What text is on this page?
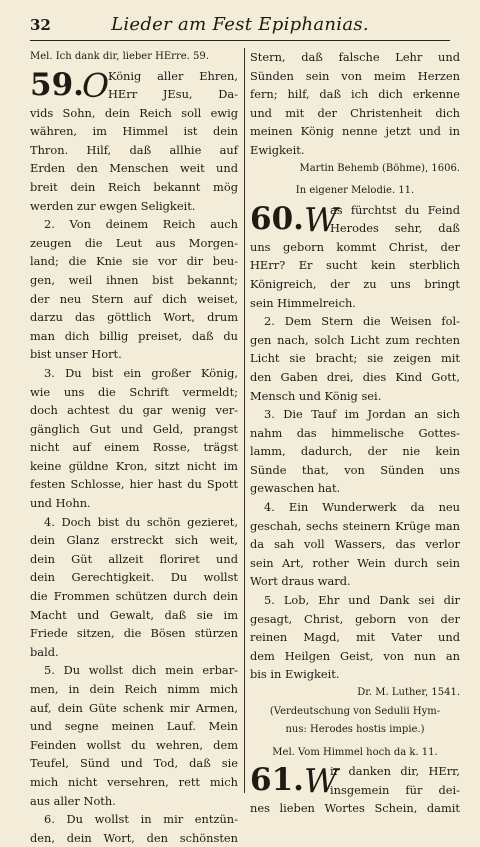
32	Lieder am Fest Epiphanias.
Mel. Ich dank dir, lieber HErre. 59.
59.
O
König aller Ehren,
HErr JEsu, Da-
vids Sohn, dein Reich soll ewig
währen, im Himmel ist dein
Thron. Hilf, daß allhie auf
Erden den Menschen weit und
breit dein Reich bekannt mög
werden zur ewgen Seligkeit.
2. Von deinem Reich auch
zeugen die Leut aus Morgen-
land; die Knie sie vor dir beu-
gen, weil ihnen bist bekannt;
der neu Stern auf dich weiset,
darzu das göttlich Wort, drum
man dich billig preiset, daß du
bist unser Hort.
3. Du bist ein großer König,
wie uns die Schrift vermeldt;
doch achtest du gar wenig ver-
gänglich Gut und Geld, prangst
nicht auf einem Rosse, trägst
keine güldne Kron, sitzt nicht im
festen Schlosse, hier hast du Spott
und Hohn.
4. Doch bist du schön gezieret,
dein Glanz erstreckt sich weit,
dein Güt allzeit floriret und
dein Gerechtigkeit. Du wollst
die Frommen schützen durch dein
Macht und Gewalt, daß sie im
Friede sitzen, die Bösen stürzen
bald.
5. Du wollst dich mein erbar-
men, in dein Reich nimm mich
auf, dein Güte schenk mir Armen,
und segne meinen Lauf. Mein
Feinden wollst du wehren, dem
Teufel, Sünd und Tod, daß sie
mich nicht versehren, rett mich
aus aller Noth.
6. Du wollst in mir entzün-
den, dein Wort, den schönsten
Stern, daß falsche Lehr und
Sünden sein von meim Herzen
fern; hilf, daß ich dich erkenne
und mit der Christenheit dich
meinen König nenne jetzt und in
Ewigkeit.
Martin Behemb (Böhme), 1606.
In eigener Melodie. 11.
60. W
as fürchtst du Feind
Herodes sehr, daß
uns geborn kommt Christ, der
HErr? Er sucht kein sterblich
Königreich, der zu uns bringt
sein Himmelreich.
2. Dem Stern die Weisen fol-
gen nach, solch Licht zum rechten
Licht sie bracht; sie zeigen mit
den Gaben drei, dies Kind Gott,
Mensch und König sei.
3. Die Tauf im Jordan an sich
nahm das himmelische Gottes-
lamm, dadurch, der nie kein
Sünde that, von Sünden uns
gewaschen hat.
4. Ein Wunderwerk da neu
geschah, sechs steinern Krüge man
da sah voll Wassers, das verlor
sein Art, rother Wein durch sein
Wort draus ward.
5. Lob, Ehr und Dank sei dir
gesagt, Christ, geborn von der
reinen Magd, mit Vater und
dem Heilgen Geist, von nun an
bis in Ewigkeit.
Dr. M. Luther, 1541.
(Verdeutschung von Sedulii Hym-
nus: Herodes hostis impie.)
Mel. Vom Himmel hoch da k. 11.
61. W
ir danken dir, HErr,
insgemein für dei-
nes lieben Wortes Schein, damit
